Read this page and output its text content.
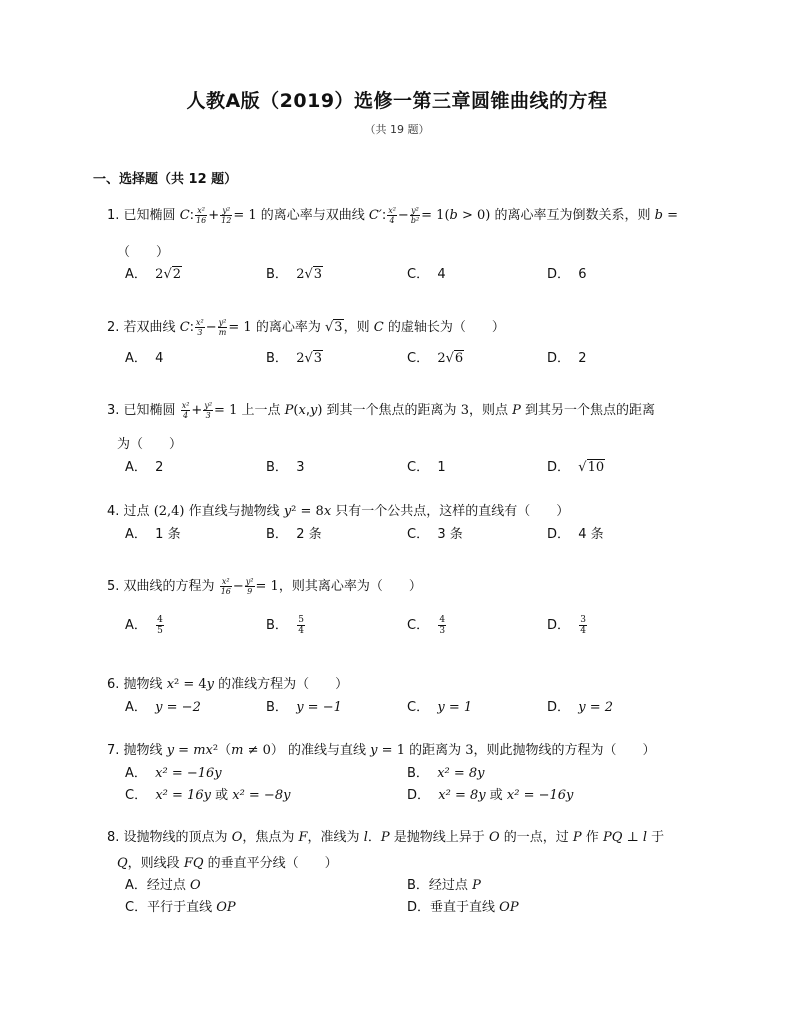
人教A版（2019）选修一第三章圆锥曲线的方程
（共 19 题）
一、选择题（共 12 题）
1. 已知椭圆 C: $\frac{\text{x²}}{16} + \frac{\text{y²}}{12} = 1$ 的离心率与双曲线 C′: $\frac{\text{x²}}{4} - \frac{\text{y²}}{\text{b²}} = 1(b > 0)$ 的离心率互为倒数关系，则 b =
（　　）
A． 2√2	B． 2√3	C． 4	D． 6
2. 若双曲线 C: $\frac{\text{x²}}{3} - \frac{\text{y²}}{m} = 1$ 的离心率为 √3，则 C 的虚轴长为（　　）
A． 4	B． 2√3	C． 2√6	D． 2
3. 已知椭圆 $\frac{\text{x²}}{4} + \frac{\text{y²}}{3} = 1$ 上一点 P(x,y) 到其一个焦点的距离为 3，则点 P 到其另一个焦点的距离
为（　　）
A． 2	B． 3	C． 1	D． √10
4. 过点 (2,4) 作直线与抛物线 y² = 8x 只有一个公共点，这样的直线有（　　）
A． 1 条	B． 2 条	C． 3 条	D． 4 条
5. 双曲线的方程为 $\frac{\text{x²}}{16} - \frac{\text{y²}}{9} = 1$，则其离心率为（　　）
A． $\frac{4}{5}$	B． $\frac{5}{4}$	C． $\frac{4}{3}$	D． $\frac{3}{4}$
6. 抛物线 x² = 4y 的准线方程为（　　）
A． y = −2	B． y = −1	C． y = 1	D． y = 2
7. 抛物线 y = mx²（m ≠ 0） 的准线与直线 y = 1 的距离为 3，则此抛物线的方程为（　　）
A． x² = −16y	B． x² = 8y
C． x² = 16y 或 x² = −8y	D． x² = 8y 或 x² = −16y
8. 设抛物线的顶点为 O，焦点为 F，准线为 l．P 是抛物线上异于 O 的一点，过 P 作 PQ ⊥ l 于
Q，则线段 FQ 的垂直平分线（　　）
A．经过点 O	B．经过点 P
C．平行于直线 OP	D．垂直于直线 OP
